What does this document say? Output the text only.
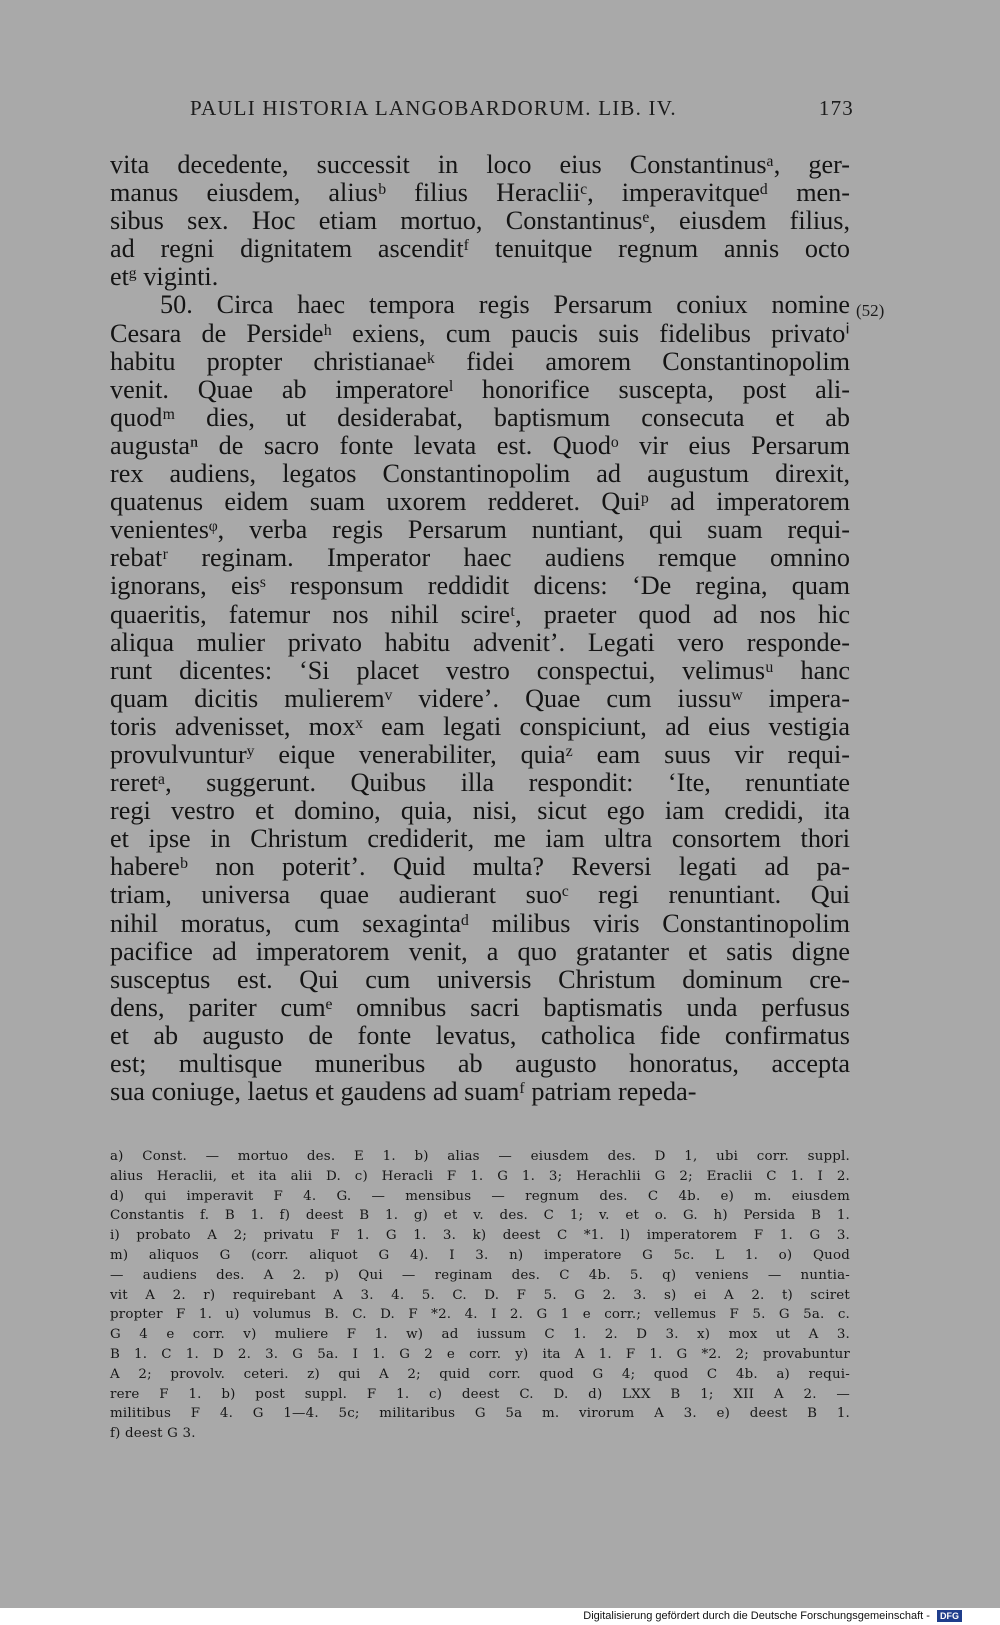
PAULI HISTORIA LANGOBARDORUM. LIB. IV.	173
(52)
vita decedente, successit in loco eius Constantinusᵃ, ger-
manus eiusdem, aliusᵇ filius Heracliiᶜ, imperavitqueᵈ men-
sibus sex. Hoc etiam mortuo, Constantinusᵉ, eiusdem filius,
ad regni dignitatem ascenditᶠ tenuitque regnum annis octo
etᵍ viginti.
50. Circa haec tempora regis Persarum coniux nomine
Cesara de Persideʰ exiens, cum paucis suis fidelibus privatoⁱ
habitu propter christianaeᵏ fidei amorem Constantinopolim
venit. Quae ab imperatoreˡ honorifice suscepta, post ali-
quodᵐ dies, ut desiderabat, baptismum consecuta et ab
augustaⁿ de sacro fonte levata est. Quodᵒ vir eius Persarum
rex audiens, legatos Constantinopolim ad augustum direxit,
quatenus eidem suam uxorem redderet. Quiᵖ ad imperatorem
venientesᵠ, verba regis Persarum nuntiant, qui suam requi-
rebatʳ reginam. Imperator haec audiens remque omnino
ignorans, eisˢ responsum reddidit dicens: ‘De regina, quam
quaeritis, fatemur nos nihil scireᵗ, praeter quod ad nos hic
aliqua mulier privato habitu advenit’. Legati vero responde-
runt dicentes: ‘Si placet vestro conspectui, velimusᵘ hanc
quam dicitis mulieremᵛ videre’. Quae cum iussuʷ impera-
toris advenisset, moxˣ eam legati conspiciunt, ad eius vestigia
provulvunturʸ eique venerabiliter, quiaᶻ eam suus vir requi-
reretᵃ, suggerunt. Quibus illa respondit: ‘Ite, renuntiate
regi vestro et domino, quia, nisi, sicut ego iam credidi, ita
et ipse in Christum crediderit, me iam ultra consortem thori
habereᵇ non poterit’. Quid multa? Reversi legati ad pa-
triam, universa quae audierant suoᶜ regi renuntiant. Qui
nihil moratus, cum sexagintaᵈ milibus viris Constantinopolim
pacifice ad imperatorem venit, a quo gratanter et satis digne
susceptus est. Qui cum universis Christum dominum cre-
dens, pariter cumᵉ omnibus sacri baptismatis unda perfusus
et ab augusto de fonte levatus, catholica fide confirmatus
est; multisque muneribus ab augusto honoratus, accepta
sua coniuge, laetus et gaudens ad suamᶠ patriam repeda-
a) Const. — mortuo des. E 1. b) alias — eiusdem des. D 1, ubi corr. suppl.
alius Heraclii, et ita alii D. c) Heracli F 1. G 1. 3; Herachlii G 2; Eraclii C 1. I 2.
d) qui imperavit F 4. G. — mensibus — regnum des. C 4b. e) m. eiusdem
Constantis f. B 1. f) deest B 1. g) et v. des. C 1; v. et o. G. h) Persida B 1.
i) probato A 2; privatu F 1. G 1. 3. k) deest C *1. l) imperatorem F 1. G 3.
m) aliquos G (corr. aliquot G 4). I 3. n) imperatore G 5c. L 1. o) Quod
— audiens des. A 2. p) Qui — reginam des. C 4b. 5. q) veniens — nuntia-
vit A 2. r) requirebant A 3. 4. 5. C. D. F 5. G 2. 3. s) ei A 2. t) sciret
propter F 1. u) volumus B. C. D. F *2. 4. I 2. G 1 e corr.; vellemus F 5. G 5a. c.
G 4 e corr. v) muliere F 1. w) ad iussum C 1. 2. D 3. x) mox ut A 3.
B 1. C 1. D 2. 3. G 5a. I 1. G 2 e corr. y) ita A 1. F 1. G *2. 2; provabuntur
A 2; provolv. ceteri. z) qui A 2; quid corr. quod G 4; quod C 4b. a) requi-
rere F 1. b) post suppl. F 1. c) deest C. D. d) LXX B 1; XII A 2. —
militibus F 4. G 1—4. 5c; militaribus G 5a m. virorum A 3. e) deest B 1.
f) deest G 3.
Digitalisierung gefördert durch die Deutsche Forschungsgemeinschaft - DFG
